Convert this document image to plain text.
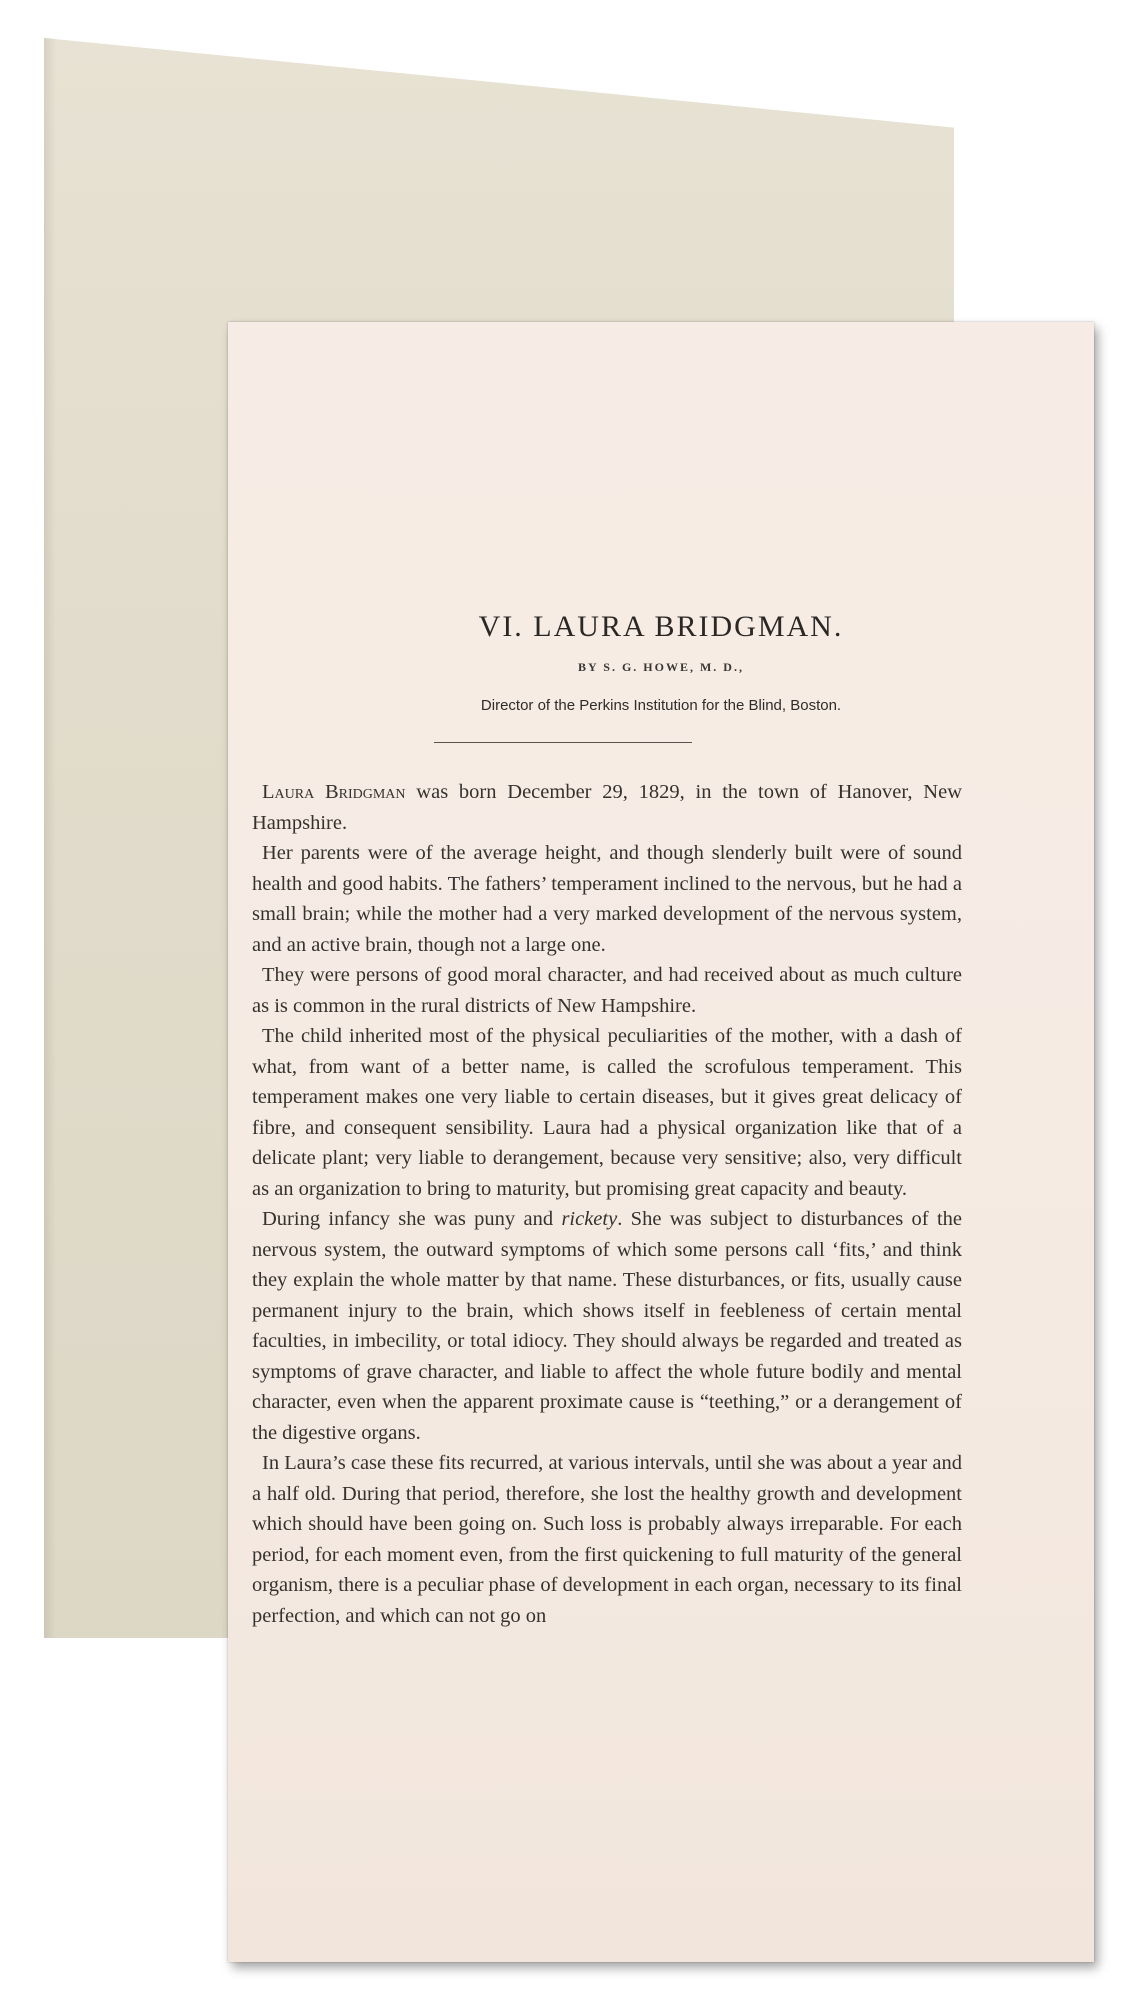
VI. LAURA BRIDGMAN.
BY S. G. HOWE, M. D.,
Director of the Perkins Institution for the Blind, Boston.

Laura Bridgman was born December 29, 1829, in the town of Hanover, New Hampshire.

Her parents were of the average height, and though slenderly built were of sound health and good habits. The fathers’ temperament inclined to the nervous, but he had a small brain; while the mother had a very marked development of the nervous system, and an active brain, though not a large one.

They were persons of good moral character, and had received about as much culture as is common in the rural districts of New Hampshire.

The child inherited most of the physical peculiarities of the mother, with a dash of what, from want of a better name, is called the scrofulous temperament. This temperament makes one very liable to certain diseases, but it gives great delicacy of fibre, and consequent sensibility. Laura had a physical organization like that of a delicate plant; very liable to derangement, because very sensitive; also, very difficult as an organization to bring to maturity, but promising great capacity and beauty.

During infancy she was puny and rickety. She was subject to disturbances of the nervous system, the outward symptoms of which some persons call ‘fits,’ and think they explain the whole matter by that name. These disturbances, or fits, usually cause permanent injury to the brain, which shows itself in feebleness of certain mental faculties, in imbecility, or total idiocy. They should always be regarded and treated as symptoms of grave character, and liable to affect the whole future bodily and mental character, even when the apparent proximate cause is “teething,” or a derangement of the digestive organs.

In Laura’s case these fits recurred, at various intervals, until she was about a year and a half old. During that period, therefore, she lost the healthy growth and development which should have been going on. Such loss is probably always irreparable. For each period, for each moment even, from the first quickening to full maturity of the general organism, there is a peculiar phase of development in each organ, necessary to its final perfection, and which can not go on
